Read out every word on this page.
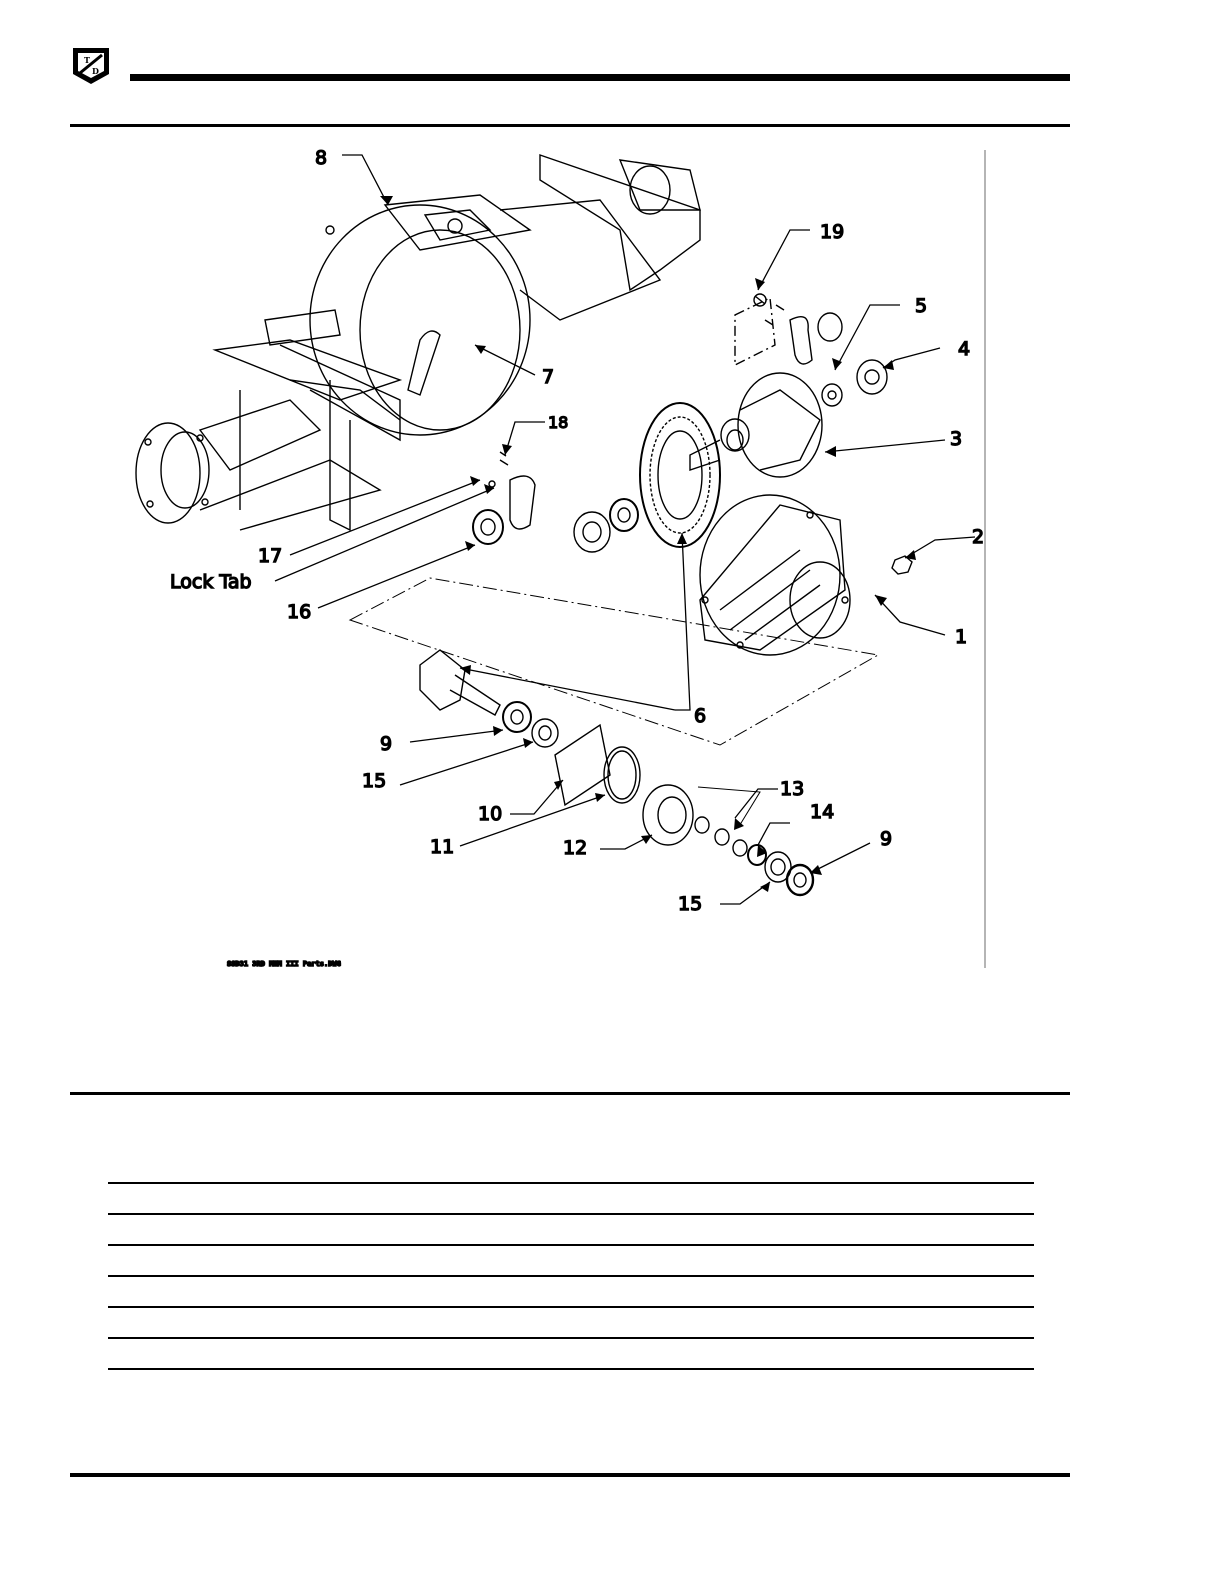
T
D
8
7
19
5
4
3
2
1
18
17
Lock Tab
16
6
9
15
10
11	12
13
14
9
15
SSD31 3RD MEM III Parts.DWG
